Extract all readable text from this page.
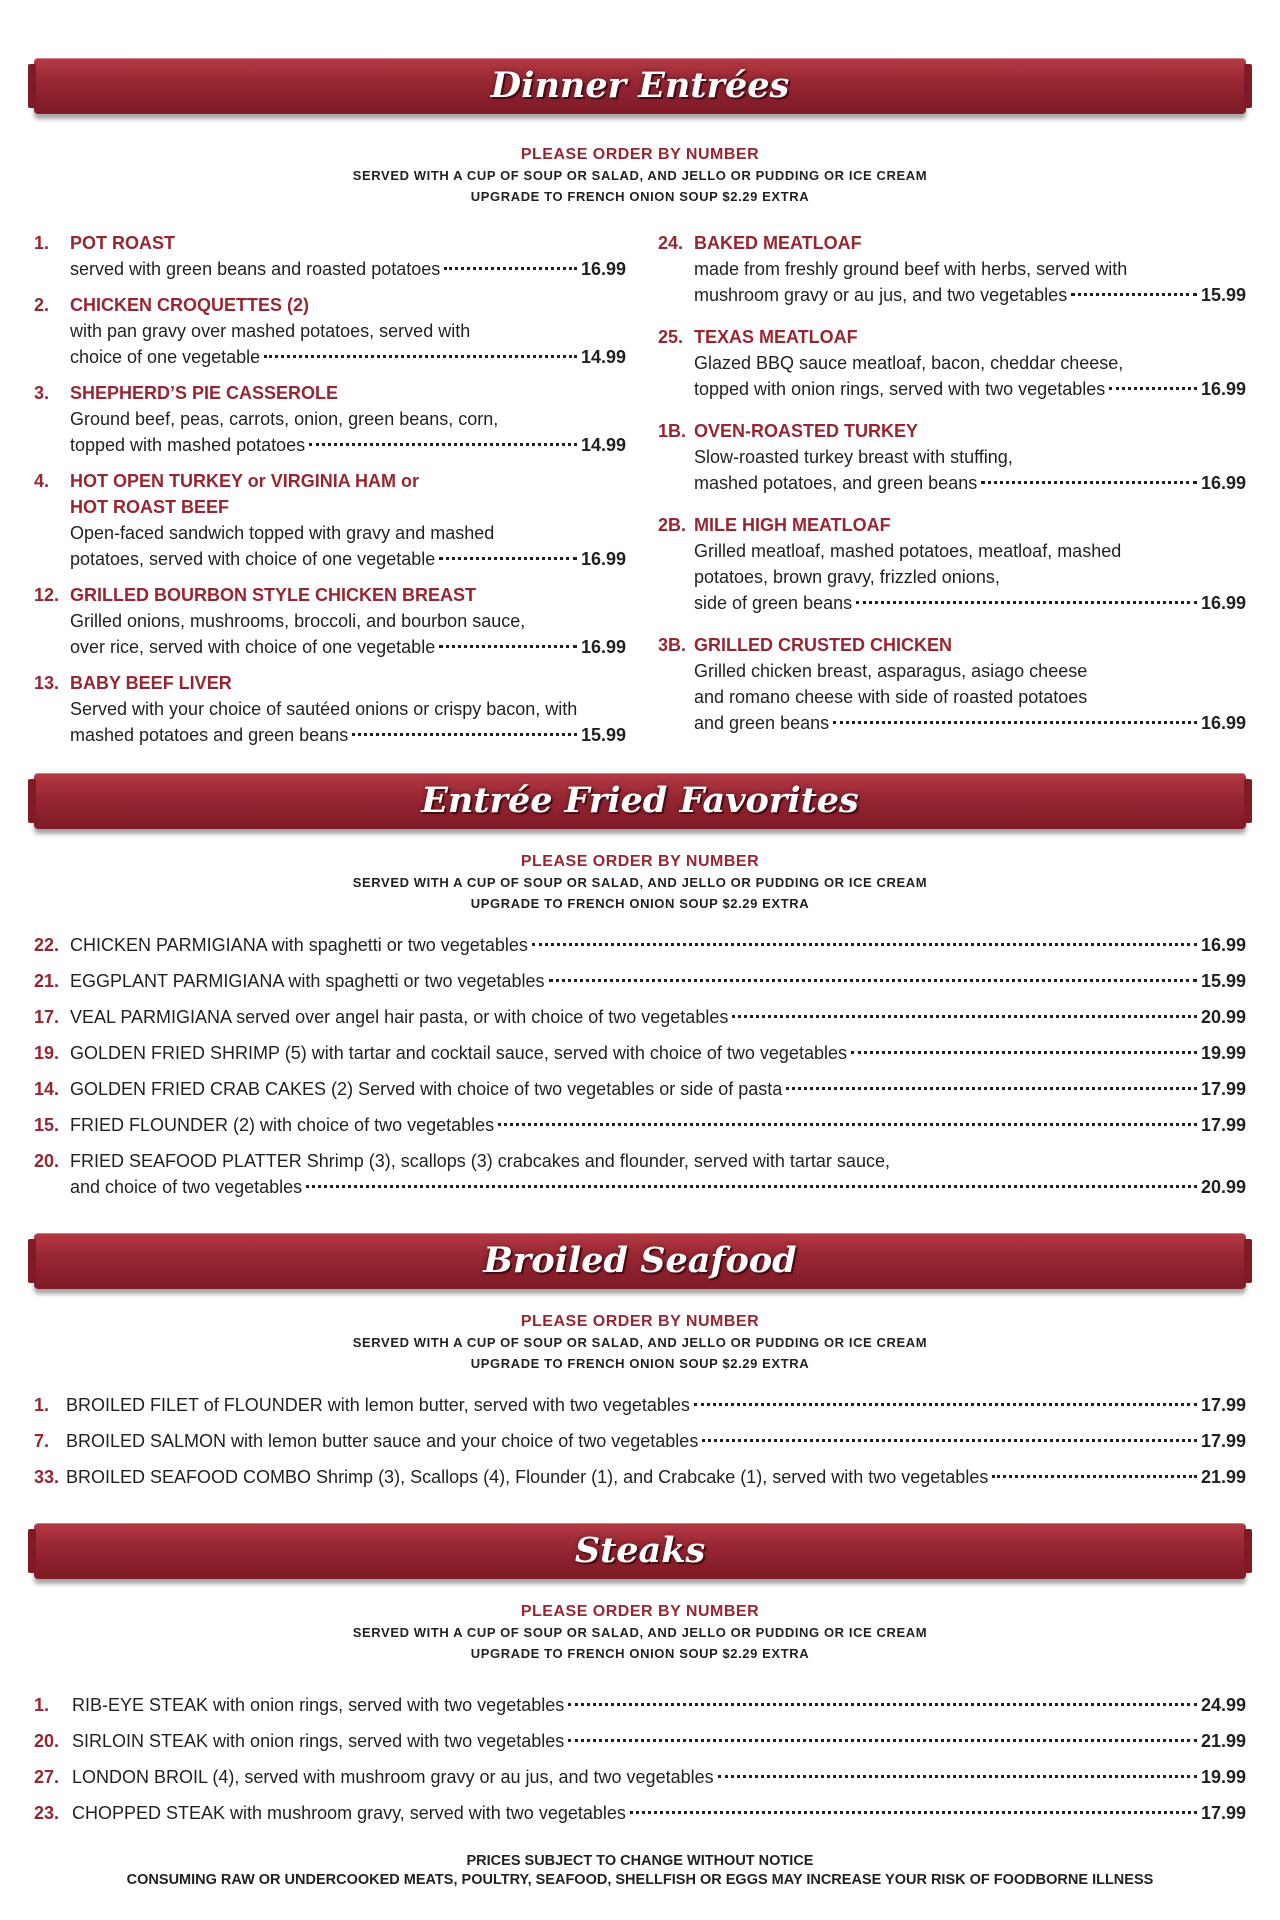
Dinner Entrées
PLEASE ORDER BY NUMBER
SERVED WITH A CUP OF SOUP OR SALAD, AND JELLO OR PUDDING OR ICE CREAM
UPGRADE TO FRENCH ONION SOUP $2.29 EXTRA
1. POT ROAST
served with green beans and roasted potatoes	16.99
2. CHICKEN CROQUETTES (2)
with pan gravy over mashed potatoes, served with
choice of one vegetable	14.99
3. SHEPHERD’S PIE CASSEROLE
Ground beef, peas, carrots, onion, green beans, corn,
topped with mashed potatoes	14.99
4. HOT OPEN TURKEY or VIRGINIA HAM or
HOT ROAST BEEF
Open-faced sandwich topped with gravy and mashed
potatoes, served with choice of one vegetable	16.99
12. GRILLED BOURBON STYLE CHICKEN BREAST
Grilled onions, mushrooms, broccoli, and bourbon sauce,
over rice, served with choice of one vegetable	16.99
13. BABY BEEF LIVER
Served with your choice of sautéed onions or crispy bacon, with
mashed potatoes and green beans	15.99
24. BAKED MEATLOAF
made from freshly ground beef with herbs, served with
mushroom gravy or au jus, and two vegetables	15.99
25. TEXAS MEATLOAF
Glazed BBQ sauce meatloaf, bacon, cheddar cheese,
topped with onion rings, served with two vegetables	16.99
1B. OVEN-ROASTED TURKEY
Slow-roasted turkey breast with stuffing,
mashed potatoes, and green beans	16.99
2B. MILE HIGH MEATLOAF
Grilled meatloaf, mashed potatoes, meatloaf, mashed
potatoes, brown gravy, frizzled onions,
side of green beans	16.99
3B. GRILLED CRUSTED CHICKEN
Grilled chicken breast, asparagus, asiago cheese
and romano cheese with side of roasted potatoes
and green beans	16.99
Entrée Fried Favorites
PLEASE ORDER BY NUMBER
SERVED WITH A CUP OF SOUP OR SALAD, AND JELLO OR PUDDING OR ICE CREAM
UPGRADE TO FRENCH ONION SOUP $2.29 EXTRA
22. CHICKEN PARMIGIANA with spaghetti or two vegetables	16.99
21. EGGPLANT PARMIGIANA with spaghetti or two vegetables	15.99
17. VEAL PARMIGIANA served over angel hair pasta, or with choice of two vegetables	20.99
19. GOLDEN FRIED SHRIMP (5) with tartar and cocktail sauce, served with choice of two vegetables	19.99
14. GOLDEN FRIED CRAB CAKES (2) Served with choice of two vegetables or side of pasta	17.99
15. FRIED FLOUNDER (2) with choice of two vegetables	17.99
20. FRIED SEAFOOD PLATTER Shrimp (3), scallops (3) crabcakes and flounder, served with tartar sauce,
and choice of two vegetables	20.99
Broiled Seafood
PLEASE ORDER BY NUMBER
SERVED WITH A CUP OF SOUP OR SALAD, AND JELLO OR PUDDING OR ICE CREAM
UPGRADE TO FRENCH ONION SOUP $2.29 EXTRA
1. BROILED FILET of FLOUNDER with lemon butter, served with two vegetables	17.99
7. BROILED SALMON with lemon butter sauce and your choice of two vegetables	17.99
33. BROILED SEAFOOD COMBO Shrimp (3), Scallops (4), Flounder (1), and Crabcake (1), served with two vegetables	21.99
Steaks
PLEASE ORDER BY NUMBER
SERVED WITH A CUP OF SOUP OR SALAD, AND JELLO OR PUDDING OR ICE CREAM
UPGRADE TO FRENCH ONION SOUP $2.29 EXTRA
1. RIB-EYE STEAK with onion rings, served with two vegetables	24.99
20. SIRLOIN STEAK with onion rings, served with two vegetables	21.99
27. LONDON BROIL (4), served with mushroom gravy or au jus, and two vegetables	19.99
23. CHOPPED STEAK with mushroom gravy, served with two vegetables	17.99
PRICES SUBJECT TO CHANGE WITHOUT NOTICE
CONSUMING RAW OR UNDERCOOKED MEATS, POULTRY, SEAFOOD, SHELLFISH OR EGGS MAY INCREASE YOUR RISK OF FOODBORNE ILLNESS
